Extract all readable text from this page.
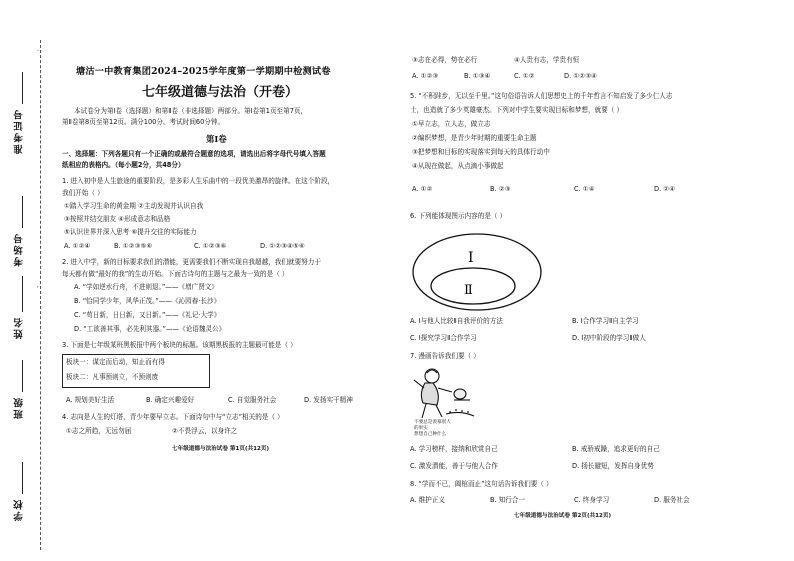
准考证号
考场号
姓名
班级
学校
·
,
塘沽一中教育集团2024–2025学年度第一学期期中检测试卷
七年级道德与法治（开卷）
本试卷分为第Ⅰ卷（选择题）和第Ⅱ卷（非选择题）两部分。第Ⅰ卷第1页至第7页，
第Ⅱ卷第8页至第12页。满分100分。考试时间60分钟。
第Ⅰ卷
一、选择题：下列各题只有一个正确的或最符合题意的选项，请选出后将字母代号填入答题
纸相应的表格内。（每小题2分，共48分）
1. 进入初中是人生旅途的重要阶段，是多彩人生乐曲中的一段优美激昂的旋律。在这个阶段，
我们开始（ ）
①踏入学习生命的黄金期 ②主动发现并认识自我
③按照并结交朋友 ④形成意志和品格
⑤认识世界并深入思考 ⑥提升交往的实际能力
A. ①②④	B. ①②③⑤⑥	C. ①②③⑥	D. ①②③④⑤⑥
2. 进入中学，新的目标要求我们的潜能，更需要我们不断实现自我超越，我们就要努力于
每天都有做“最好的我”的生动开始。下面古诗句的主题与之最为一致的是（ ）
A. “学如逆水行舟，不进则退。”——《增广贤文》
B. “恰同学少年，风华正茂。”——《沁园春·长沙》
C. “苟日新，日日新，又日新。”——《礼记·大学》
D. “工欲善其事，必先利其器。”——《论语魏灵公》
3. 下面是七年级某班黑板报中两个板块的标题。该期黑板报的主题最可能是（ ）
板块一：谋定而后动，知止而有得
板块二：凡事预则立，不预则废
A. 规划美好生活	B. 确定兴趣爱好	C. 自觉服务社会	D. 发扬实干精神
4. 志向是人生的灯塔，青少年要早立志。下面诗句中与“立志”相关的是（ ）
①志之所趋，无远勿届	②不畏浮云，以身许之
七年级道德与法治试卷 第1页(共12页)
③志在必得，势在必行	④人贵有志，学贵有恒
A. ①②③	B. ①③④	C. ①②	D. ①②③④
5. “不积跬步，无以至千里。”这句俗语告诉人们思想史上的千年哲言不知启发了多少仁人志
士，也造就了多少英雄豪杰。下列对中学生要实现目标和梦想，就要（ ）
①早立志，立人志，做立志
②编织梦想，是青少年时期的重要生命主题
③把梦想和目标的实现落实到每天的具体行动中
④从现在做起，从点滴小事做起
A. ①②	B. ②③	C. ①④	D. ②④
6. 下列能体现图示内容的是（ ）
Ⅰ
Ⅱ
A. Ⅰ与他人比较Ⅱ自我评价的方法	B. Ⅰ合作学习Ⅱ自主学习
C. Ⅰ探究学习Ⅱ合作学习	D. Ⅰ初中阶段的学习Ⅱ做人
7. 漫画告诉我们要（ ）
不要总是羡慕别人
的果实
想想自己种什么
A. 学习榜样，接纳和欣赏自己	B. 戒骄戒躁，追求更好的自己
C. 激发潜能，善于与他人合作	D. 扬长避短，发挥自身优势
8. “学而不已，阖棺而止”这句话告诉我们要（ ）
A. 维护正义	B. 知行合一	C. 终身学习	D. 服务社会
七年级道德与法治试卷 第2页(共12页)
